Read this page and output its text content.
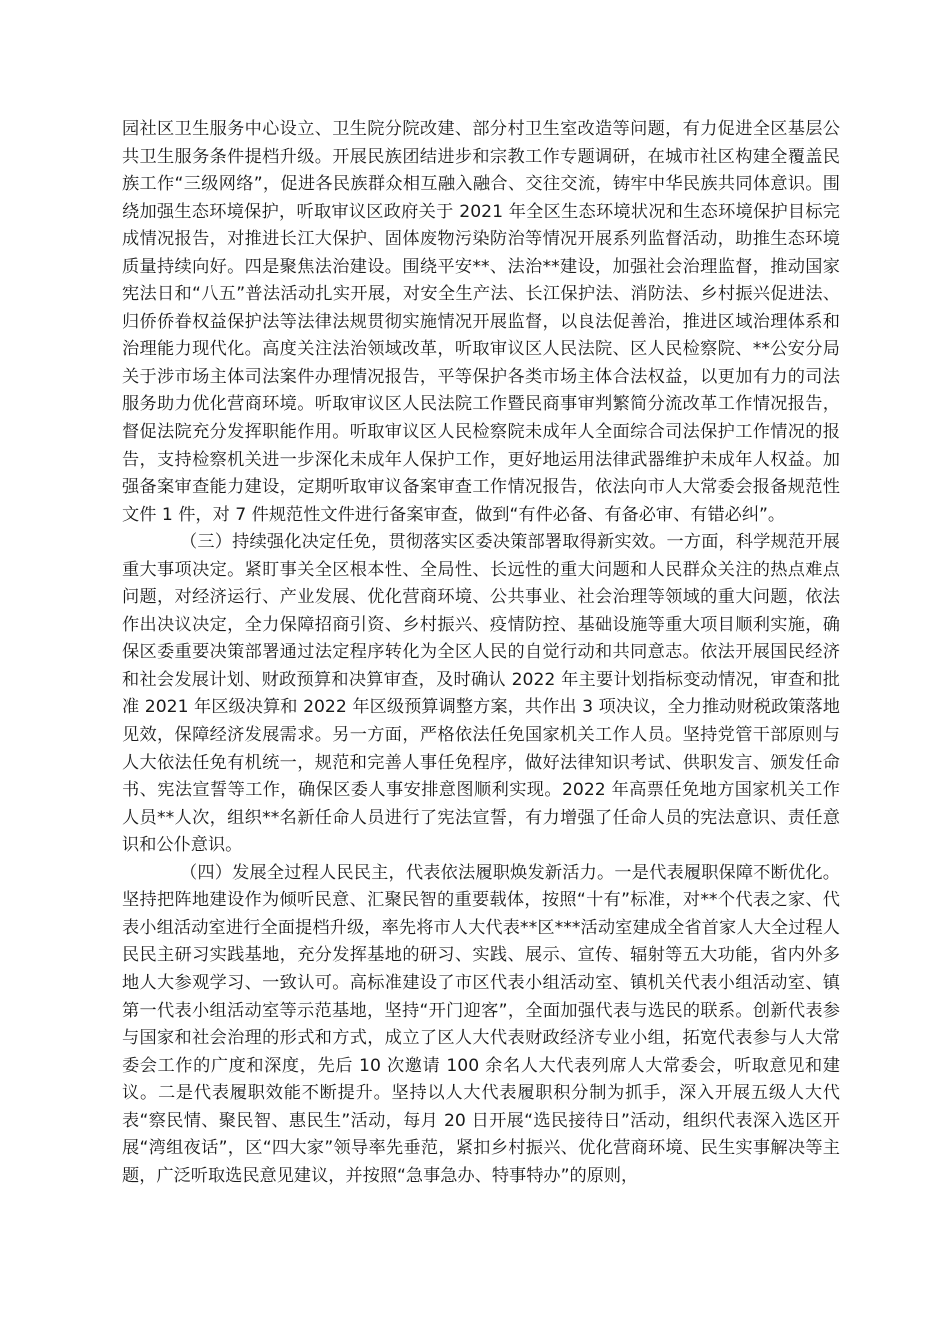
园社区卫生服务中心设立、卫生院分院改建、部分村卫生室改造等问题，有力促进全区基层公共卫生服务条件提档升级。开展民族团结进步和宗教工作专题调研，在城市社区构建全覆盖民族工作“三级网络”，促进各民族群众相互融入融合、交往交流，铸牢中华民族共同体意识。围绕加强生态环境保护，听取审议区政府关于 2021 年全区生态环境状况和生态环境保护目标完成情况报告，对推进长江大保护、固体废物污染防治等情况开展系列监督活动，助推生态环境质量持续向好。四是聚焦法治建设。围绕平安**、法治**建设，加强社会治理监督，推动国家宪法日和“八五”普法活动扎实开展，对安全生产法、长江保护法、消防法、乡村振兴促进法、归侨侨眷权益保护法等法律法规贯彻实施情况开展监督，以良法促善治，推进区域治理体系和治理能力现代化。高度关注法治领域改革，听取审议区人民法院、区人民检察院、**公安分局关于涉市场主体司法案件办理情况报告，平等保护各类市场主体合法权益，以更加有力的司法服务助力优化营商环境。听取审议区人民法院工作暨民商事审判繁简分流改革工作情况报告，督促法院充分发挥职能作用。听取审议区人民检察院未成年人全面综合司法保护工作情况的报告，支持检察机关进一步深化未成年人保护工作，更好地运用法律武器维护未成年人权益。加强备案审查能力建设，定期听取审议备案审查工作情况报告，依法向市人大常委会报备规范性文件 1 件，对 7 件规范性文件进行备案审查，做到“有件必备、有备必审、有错必纠”。

（三）持续强化决定任免，贯彻落实区委决策部署取得新实效。一方面，科学规范开展重大事项决定。紧盯事关全区根本性、全局性、长远性的重大问题和人民群众关注的热点难点问题，对经济运行、产业发展、优化营商环境、公共事业、社会治理等领域的重大问题，依法作出决议决定，全力保障招商引资、乡村振兴、疫情防控、基础设施等重大项目顺利实施，确保区委重要决策部署通过法定程序转化为全区人民的自觉行动和共同意志。依法开展国民经济和社会发展计划、财政预算和决算审查，及时确认 2022 年主要计划指标变动情况，审查和批准 2021 年区级决算和 2022 年区级预算调整方案，共作出 3 项决议，全力推动财税政策落地见效，保障经济发展需求。另一方面，严格依法任免国家机关工作人员。坚持党管干部原则与人大依法任免有机统一，规范和完善人事任免程序，做好法律知识考试、供职发言、颁发任命书、宪法宣誓等工作，确保区委人事安排意图顺利实现。2022 年高票任免地方国家机关工作人员**人次，组织**名新任命人员进行了宪法宣誓，有力增强了任命人员的宪法意识、责任意识和公仆意识。

（四）发展全过程人民民主，代表依法履职焕发新活力。一是代表履职保障不断优化。坚持把阵地建设作为倾听民意、汇聚民智的重要载体，按照“十有”标准，对**个代表之家、代表小组活动室进行全面提档升级，率先将市人大代表**区***活动室建成全省首家人大全过程人民民主研习实践基地，充分发挥基地的研习、实践、展示、宣传、辐射等五大功能，省内外多地人大参观学习、一致认可。高标准建设了市区代表小组活动室、镇机关代表小组活动室、镇第一代表小组活动室等示范基地，坚持“开门迎客”，全面加强代表与选民的联系。创新代表参与国家和社会治理的形式和方式，成立了区人大代表财政经济专业小组，拓宽代表参与人大常委会工作的广度和深度，先后 10 次邀请 100 余名人大代表列席人大常委会，听取意见和建议。二是代表履职效能不断提升。坚持以人大代表履职积分制为抓手，深入开展五级人大代表“察民情、聚民智、惠民生”活动，每月 20 日开展“选民接待日”活动，组织代表深入选区开展“湾组夜话”，区“四大家”领导率先垂范，紧扣乡村振兴、优化营商环境、民生实事解决等主题，广泛听取选民意见建议，并按照“急事急办、特事特办”的原则，
